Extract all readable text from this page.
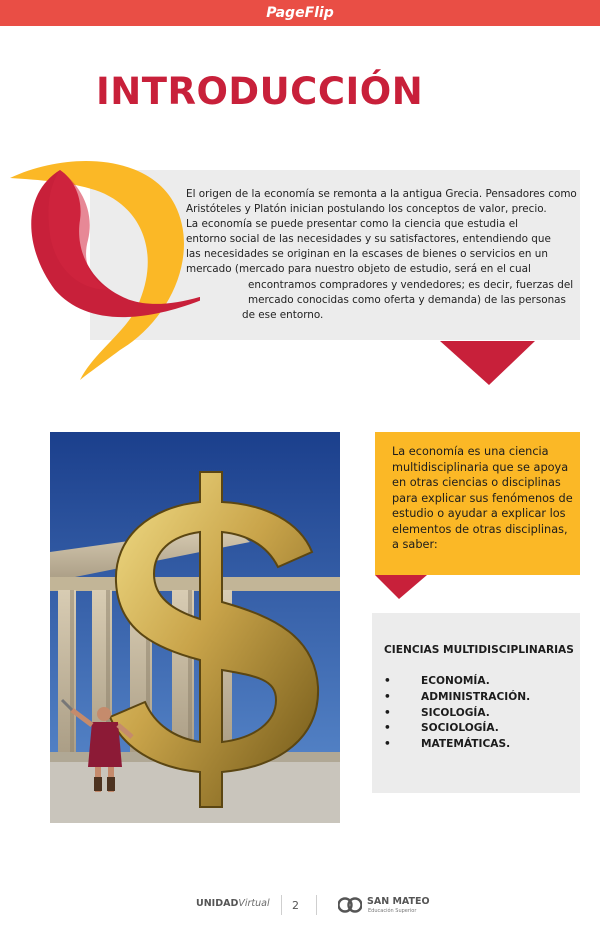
PageFlip
INTRODUCCIÓN
El origen de la economía se remonta a la antigua Grecia. Pensadores como
Aristóteles y Platón inician postulando los conceptos de valor, precio.
La economía se puede presentar como la ciencia que estudia el
entorno social de las necesidades y su satisfactores, entendiendo que
las necesidades se originan en la escases de bienes o servicios en un
mercado (mercado para nuestro objeto de estudio, será en el cual
encontramos compradores y vendedores; es decir, fuerzas del
mercado conocidas como oferta y demanda) de las personas
de ese entorno.
La economía es una ciencia
multidisciplinaria que se apoya
en otras ciencias o disciplinas
para explicar sus fenómenos de
estudio o ayudar a explicar los
elementos de otras disciplinas,
a saber:
CIENCIAS MULTIDISCIPLINARIAS
•	ECONOMÍA.
•	ADMINISTRACIÓN.
•	SICOLOGÍA.
•	SOCIOLOGÍA.
•	MATEMÁTICAS.
UNIDADVirtual 2	SAN MATEO
Educación Superior
